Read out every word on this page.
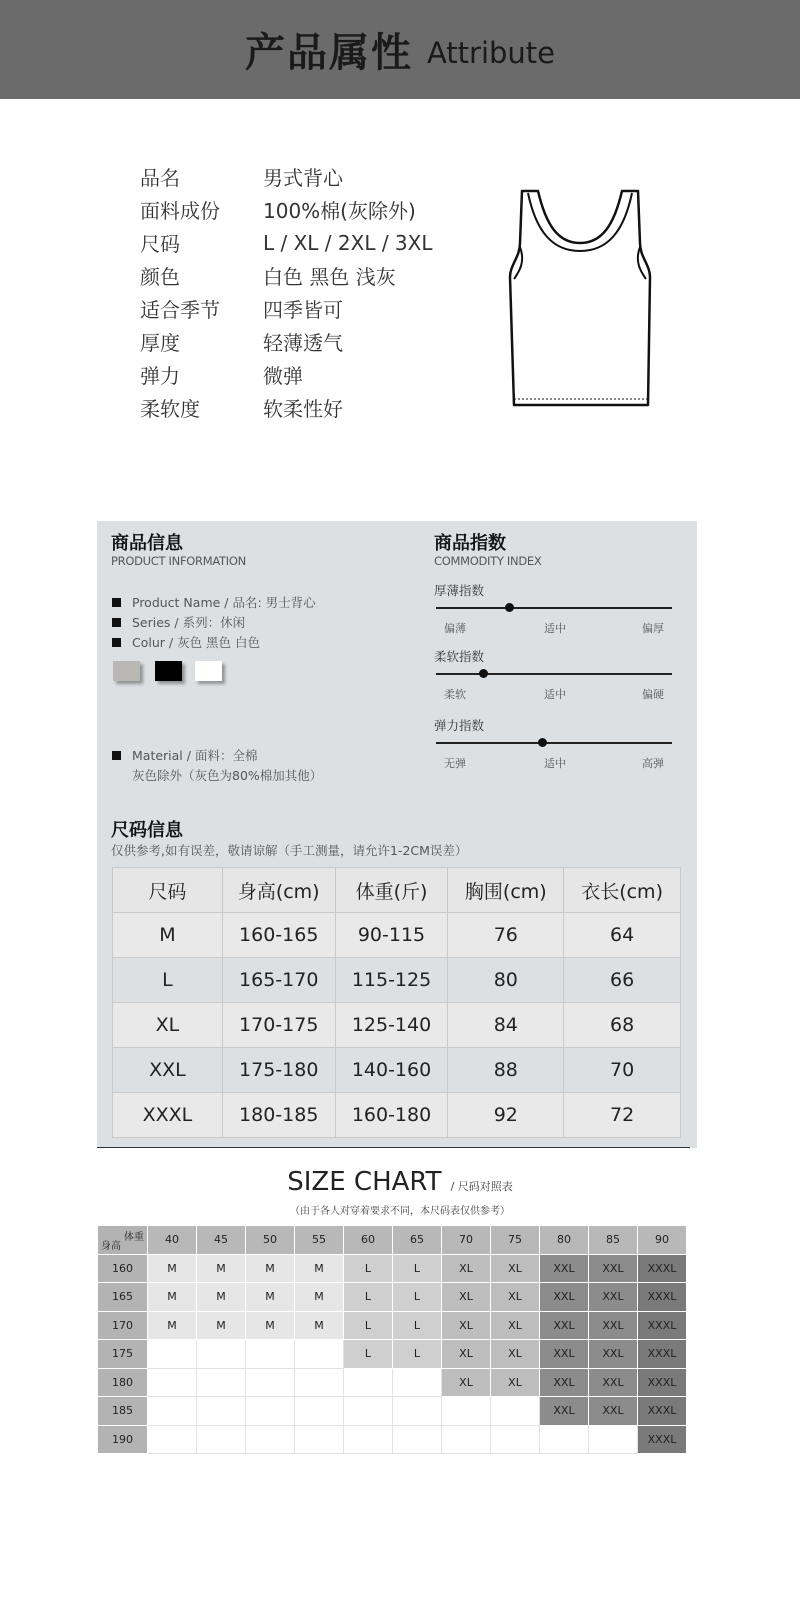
产品属性 Attribute
品名	男式背心
面料成份	100%棉(灰除外)
尺码	L / XL / 2XL / 3XL
颜色	白色 黑色 浅灰
适合季节	四季皆可
厚度	轻薄透气
弹力	微弹
柔软度	软柔性好
商品信息
PRODUCT INFORMATION
Product Name / 品名: 男士背心
Series / 系列：休闲
Colur / 灰色 黑色 白色
Material / 面料：全棉
灰色除外（灰色为80%棉加其他）
商品指数
COMMODITY INDEX
厚薄指数
偏薄	适中	偏厚
柔软指数
柔软	适中	偏硬
弹力指数
无弹	适中	高弹
尺码信息
仅供参考,如有误差，敬请谅解（手工测量，请允许1-2CM误差）
尺码	身高(cm)	体重(斤)	胸围(cm)	衣长(cm)
M	160-165	90-115	76	64
L	165-170	115-125	80	66
XL	170-175	125-140	84	68
XXL	175-180	140-160	88	70
XXXL	180-185	160-180	92	72
SIZE CHART / 尺码对照表
（由于各人对穿着要求不同，本尺码表仅供参考）
体重
身高	40	45	50	55	60	65	70	75	80	85	90
160	M	M	M	M	L	L	XL	XL	XXL	XXL	XXXL
165	M	M	M	M	L	L	XL	XL	XXL	XXL	XXXL
170	M	M	M	M	L	L	XL	XL	XXL	XXL	XXXL
175					L	L	XL	XL	XXL	XXL	XXXL
180							XL	XL	XXL	XXL	XXXL
185									XXL	XXL	XXXL
190											XXXL
